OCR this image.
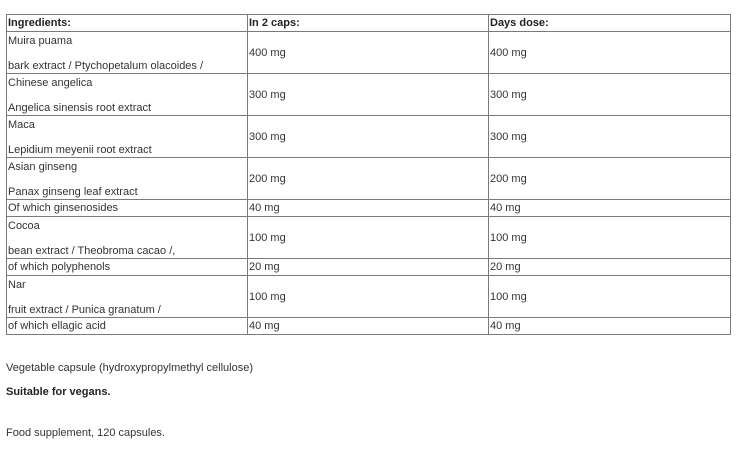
Ingredients:	In 2 caps:	Days dose:

Muira puama
bark extract / Ptychopetalum olacoides /	400 mg	400 mg

Chinese angelica
Angelica sinensis root extract	300 mg	300 mg

Maca
Lepidium meyenii root extract	300 mg	300 mg

Asian ginseng
Panax ginseng leaf extract	200 mg	200 mg
Of which ginsenosides	40 mg	40 mg

Cocoa
bean extract / Theobroma cacao /,	100 mg	100 mg
of which polyphenols	20 mg	20 mg

Nar
fruit extract / Punica granatum /	100 mg	100 mg
of which ellagic acid	40 mg	40 mg
Vegetable capsule (hydroxypropylmethyl cellulose)
Suitable for vegans.
Food supplement, 120 capsules.
